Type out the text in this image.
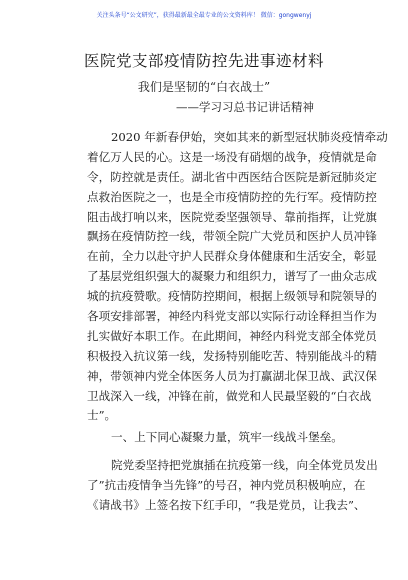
关注头条号“公文研究”，获得最新最全最专业的公文资料库！ 微信：gongwenyj
医院党支部疫情防控先进事迹材料
我们是坚韧的“白衣战士”
——学习习总书记讲话精神
2020 年新春伊始，突如其来的新型冠状肺炎疫情牵动
着亿万人民的心。这是一场没有硝烟的战争，疫情就是命
令，防控就是责任。湖北省中西医结合医院是新冠肺炎定
点救治医院之一，也是全市疫情防控的先行军。疫情防控
阻击战打响以来，医院党委坚强领导、靠前指挥，让党旗
飘扬在疫情防控一线，带领全院广大党员和医护人员冲锋
在前，全力以赴守护人民群众身体健康和生活安全，彰显
了基层党组织强大的凝聚力和组织力，谱写了一曲众志成
城的抗疫赞歌。疫情防控期间，根据上级领导和院领导的
各项安排部署，神经内科党支部以实际行动诠释担当作为
扎实做好本职工作。在此期间，神经内科党支部全体党员
积极投入抗议第一线，发扬特别能吃苦、特别能战斗的精
神，带领神内党全体医务人员为打赢湖北保卫战、武汉保
卫战深入一线，冲锋在前，做党和人民最坚毅的“白衣战
士”。
一、上下同心凝聚力量，筑牢一线战斗堡垒。
院党委坚持把党旗插在抗疫第一线，向全体党员发出
了”抗击疫情争当先锋”的号召，神内党员积极响应，在
《请战书》上签名按下红手印，“我是党员，让我去”、
